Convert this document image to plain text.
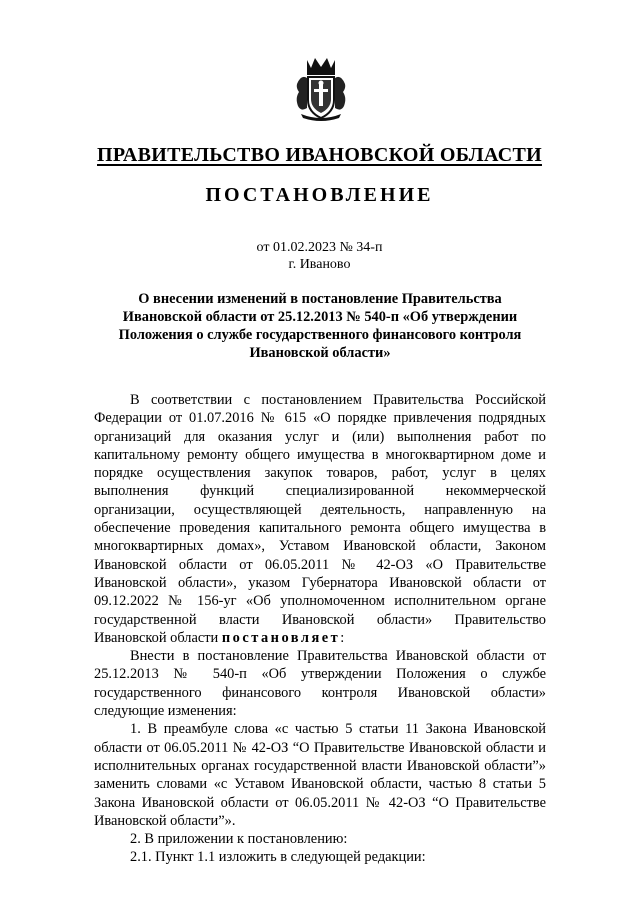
ПРАВИТЕЛЬСТВО ИВАНОВСКОЙ ОБЛАСТИ
ПОСТАНОВЛЕНИЕ

от 01.02.2023 № 34-п

г. Иваново

О внесении изменений в постановление Правительства Ивановской области от 25.12.2013 № 540-п «Об утверждении Положения о службе государственного финансового контроля Ивановской области»

В соответствии с постановлением Правительства Российской Федерации от 01.07.2016 № 615 «О порядке привлечения подрядных организаций для оказания услуг и (или) выполнения работ по капитальному ремонту общего имущества в многоквартирном доме и порядке осуществления закупок товаров, работ, услуг в целях выполнения функций специализированной некоммерческой организации, осуществляющей деятельность, направленную на обеспечение проведения капитального ремонта общего имущества в многоквартирных домах», Уставом Ивановской области, Законом Ивановской области от 06.05.2011 № 42-ОЗ «О Правительстве Ивановской области», указом Губернатора Ивановской области от 09.12.2022 № 156-уг «Об уполномоченном исполнительном органе государственной власти Ивановской области» Правительство Ивановской области постановляет:

Внести в постановление Правительства Ивановской области от 25.12.2013 № 540-п «Об утверждении Положения о службе государственного финансового контроля Ивановской области» следующие изменения:

1. В преамбуле слова «с частью 5 статьи 11 Закона Ивановской области от 06.05.2011 № 42-ОЗ “О Правительстве Ивановской области и исполнительных органах государственной власти Ивановской области”» заменить словами «с Уставом Ивановской области, частью 8 статьи 5 Закона Ивановской области от 06.05.2011 № 42-ОЗ “О Правительстве Ивановской области”».

2. В приложении к постановлению:

2.1. Пункт 1.1 изложить в следующей редакции:
